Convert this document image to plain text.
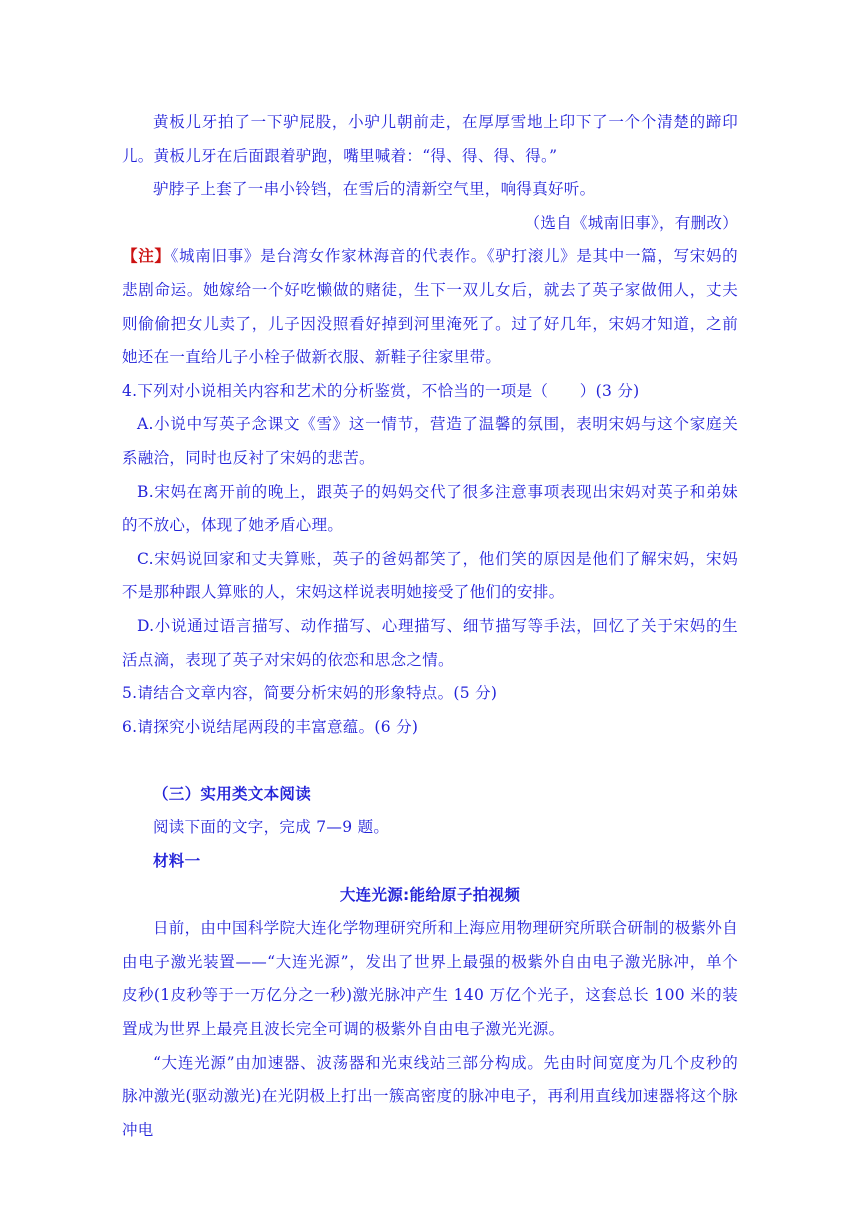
黄板儿牙拍了一下驴屁股，小驴儿朝前走，在厚厚雪地上印下了一个个清楚的蹄印儿。黄板儿牙在后面跟着驴跑，嘴里喊着：“得、得、得、得。”

驴脖子上套了一串小铃铛，在雪后的清新空气里，响得真好听。

（选自《城南旧事》，有删改）

【注】《城南旧事》是台湾女作家林海音的代表作。《驴打滚儿》是其中一篇，写宋妈的悲剧命运。她嫁给一个好吃懒做的赌徒，生下一双儿女后，就去了英子家做佣人，丈夫则偷偷把女儿卖了，儿子因没照看好掉到河里淹死了。过了好几年，宋妈才知道，之前她还在一直给儿子小栓子做新衣服、新鞋子往家里带。

4.下列对小说相关内容和艺术的分析鉴赏，不恰当的一项是（　　）(3 分)

A.小说中写英子念课文《雪》这一情节，营造了温馨的氛围，表明宋妈与这个家庭关系融洽，同时也反衬了宋妈的悲苦。

B.宋妈在离开前的晚上，跟英子的妈妈交代了很多注意事项表现出宋妈对英子和弟妹的不放心，体现了她矛盾心理。

C.宋妈说回家和丈夫算账，英子的爸妈都笑了，他们笑的原因是他们了解宋妈，宋妈不是那种跟人算账的人，宋妈这样说表明她接受了他们的安排。

D.小说通过语言描写、动作描写、心理描写、细节描写等手法，回忆了关于宋妈的生活点滴，表现了英子对宋妈的依恋和思念之情。

5.请结合文章内容，简要分析宋妈的形象特点。(5 分)

6.请探究小说结尾两段的丰富意蕴。(6 分)

（三）实用类文本阅读

阅读下面的文字，完成 7—9 题。

材料一

大连光源:能给原子拍视频

日前，由中国科学院大连化学物理研究所和上海应用物理研究所联合研制的极紫外自由电子激光装置——“大连光源”，发出了世界上最强的极紫外自由电子激光脉冲，单个皮秒(1皮秒等于一万亿分之一秒)激光脉冲产生 140 万亿个光子，这套总长 100 米的装置成为世界上最亮且波长完全可调的极紫外自由电子激光光源。

“大连光源”由加速器、波荡器和光束线站三部分构成。先由时间宽度为几个皮秒的脉冲激光(驱动激光)在光阴极上打出一簇高密度的脉冲电子，再利用直线加速器将这个脉冲电
